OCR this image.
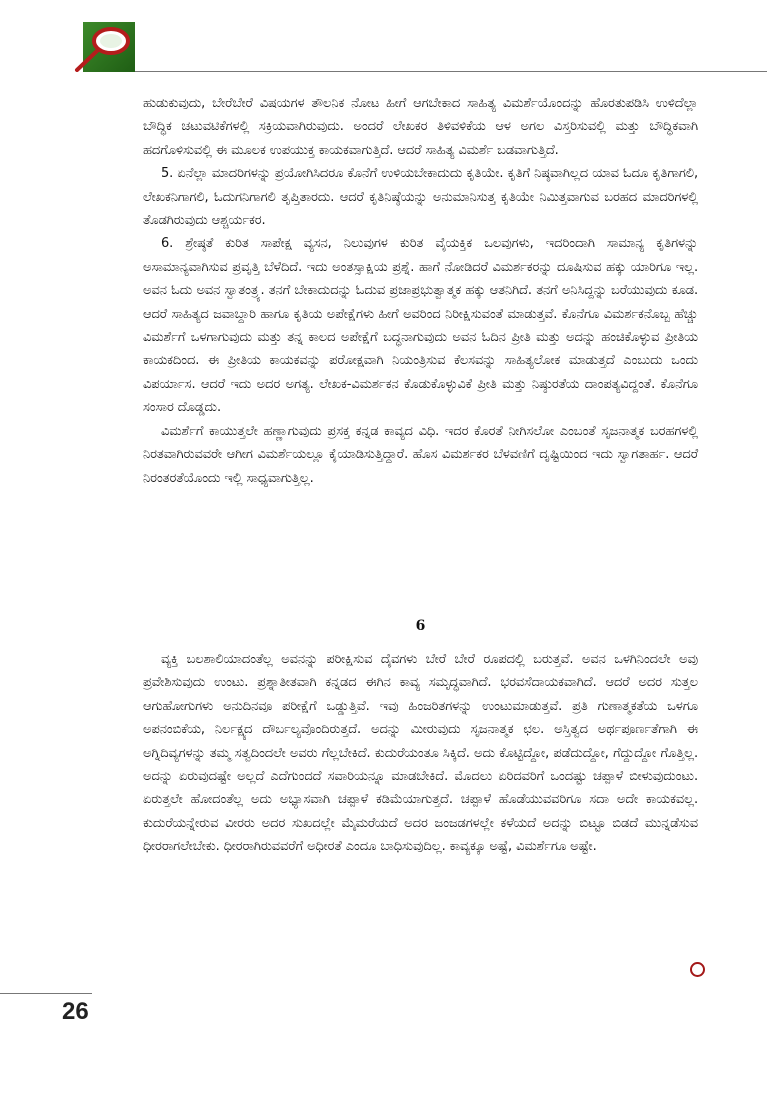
ಹುಡುಕುವುದು, ಬೇರೆಬೇರೆ ವಿಷಯಗಳ ತೌಲನಿಕ ನೋಟ ಹೀಗೆ ಆಗಬೇಕಾದ ಸಾಹಿತ್ಯ ವಿಮರ್ಶೆಯೊಂದನ್ನು ಹೊರತುಪಡಿಸಿ ಉಳಿದೆಲ್ಲಾ ಬೌದ್ಧಿಕ ಚಟುವಟಿಕೆಗಳಲ್ಲಿ ಸಕ್ರಿಯವಾಗಿರುವುದು. ಅಂದರೆ ಲೇಖಕರ ತಿಳಿವಳಿಕೆಯ ಆಳ ಅಗಲ ವಿಸ್ತರಿಸುವಲ್ಲಿ ಮತ್ತು ಬೌದ್ಧಿಕವಾಗಿ ಹದಗೊಳಿಸುವಲ್ಲಿ ಈ ಮೂಲಕ ಉಪಯುಕ್ತ ಕಾಯಕವಾಗುತ್ತಿದೆ. ಆದರೆ ಸಾಹಿತ್ಯ ವಿಮರ್ಶೆ ಬಡವಾಗುತ್ತಿದೆ.

5. ಏನೆಲ್ಲಾ ಮಾದರಿಗಳನ್ನು ಪ್ರಯೋಗಿಸಿದರೂ ಕೊನೆಗೆ ಉಳಿಯಬೇಕಾದುದು ಕೃತಿಯೇ. ಕೃತಿಗೆ ನಿಷ್ಠವಾಗಿಲ್ಲದ ಯಾವ ಓದೂ ಕೃತಿಗಾಗಲಿ, ಲೇಖಕನಿಗಾಗಲಿ, ಓದುಗನಿಗಾಗಲಿ ತೃಪ್ತಿತಾರದು. ಆದರೆ ಕೃತಿನಿಷ್ಠೆಯನ್ನು ಅನುಮಾನಿಸುತ್ತ ಕೃತಿಯೇ ನಿಮಿತ್ತವಾಗುವ ಬರಹದ ಮಾದರಿಗಳಲ್ಲಿ ತೊಡಗಿರುವುದು ಆಶ್ಚರ್ಯಕರ.

6. ಶ್ರೇಷ್ಠತೆ ಕುರಿತ ಸಾಪೇಕ್ಷ ವ್ಯಸನ, ನಿಲುವುಗಳ ಕುರಿತ ವೈಯಕ್ತಿಕ ಒಲವುಗಳು, ಇದರಿಂದಾಗಿ ಸಾಮಾನ್ಯ ಕೃತಿಗಳನ್ನು ಅಸಾಮಾನ್ಯವಾಗಿಸುವ ಪ್ರವೃತ್ತಿ ಬೆಳೆದಿದೆ. ಇದು ಅಂತಸ್ಸಾಕ್ಷಿಯ ಪ್ರಶ್ನೆ. ಹಾಗೆ ನೋಡಿದರೆ ವಿಮರ್ಶಕರನ್ನು ದೂಷಿಸುವ ಹಕ್ಕು ಯಾರಿಗೂ ಇಲ್ಲ. ಅವನ ಓದು ಅವನ ಸ್ವಾತಂತ್ರ್ಯ. ತನಗೆ ಬೇಕಾದುದನ್ನು ಓದುವ ಪ್ರಜಾಪ್ರಭುತ್ವಾತ್ಮಕ ಹಕ್ಕು ಆತನಿಗಿದೆ. ತನಗೆ ಅನಿಸಿದ್ದನ್ನು ಬರೆಯುವುದು ಕೂಡ. ಆದರೆ ಸಾಹಿತ್ಯದ ಜವಾಬ್ದಾರಿ ಹಾಗೂ ಕೃತಿಯ ಅಪೇಕ್ಷೆಗಳು ಹೀಗೆ ಅವರಿಂದ ನಿರೀಕ್ಷಿಸುವಂತೆ ಮಾಡುತ್ತವೆ. ಕೊನೆಗೂ ವಿಮರ್ಶಕನೊಬ್ಬ ಹೆಚ್ಚು ವಿಮರ್ಶೆಗೆ ಒಳಗಾಗುವುದು ಮತ್ತು ತನ್ನ ಕಾಲದ ಅಪೇಕ್ಷೆಗೆ ಬದ್ಧನಾಗುವುದು ಅವನ ಓದಿನ ಪ್ರೀತಿ ಮತ್ತು ಅದನ್ನು ಹಂಚಿಕೊಳ್ಳುವ ಪ್ರೀತಿಯ ಕಾಯಕದಿಂದ. ಈ ಪ್ರೀತಿಯ ಕಾಯಕವನ್ನು ಪರೋಕ್ಷವಾಗಿ ನಿಯಂತ್ರಿಸುವ ಕೆಲಸವನ್ನು ಸಾಹಿತ್ಯಲೋಕ ಮಾಡುತ್ತದೆ ಎಂಬುದು ಒಂದು ವಿಪರ್ಯಾಸ. ಆದರೆ ಇದು ಅದರ ಅಗತ್ಯ. ಲೇಖಕ-ವಿಮರ್ಶಕನ ಕೊಡುಕೊಳ್ಳುವಿಕೆ ಪ್ರೀತಿ ಮತ್ತು ನಿಷ್ಠುರತೆಯ ದಾಂಪತ್ಯವಿದ್ದಂತೆ. ಕೊನೆಗೂ ಸಂಸಾರ ದೊಡ್ಡದು.

ವಿಮರ್ಶೆಗೆ ಕಾಯುತ್ತಲೇ ಹಣ್ಣಾಗುವುದು ಪ್ರಸಕ್ತ ಕನ್ನಡ ಕಾವ್ಯದ ವಿಧಿ. ಇದರ ಕೊರತೆ ನೀಗಿಸಲೋ ಎಂಬಂತೆ ಸೃಜನಾತ್ಮಕ ಬರಹಗಳಲ್ಲಿ ನಿರತವಾಗಿರುವವರೇ ಆಗೀಗ ವಿಮರ್ಶೆಯಲ್ಲೂ ಕೈಯಾಡಿಸುತ್ತಿದ್ದಾರೆ. ಹೊಸ ವಿಮರ್ಶಕರ ಬೆಳವಣಿಗೆ ದೃಷ್ಟಿಯಿಂದ ಇದು ಸ್ವಾಗತಾರ್ಹ. ಆದರೆ ನಿರಂತರತೆಯೊಂದು ಇಲ್ಲಿ ಸಾಧ್ಯವಾಗುತ್ತಿಲ್ಲ.

6

ವ್ಯಕ್ತಿ ಬಲಶಾಲಿಯಾದಂತೆಲ್ಲ ಅವನನ್ನು ಪರೀಕ್ಷಿಸುವ ದೈವಗಳು ಬೇರೆ ಬೇರೆ ರೂಪದಲ್ಲಿ ಬರುತ್ತವೆ. ಅವನ ಒಳಗಿನಿಂದಲೇ ಅವು ಪ್ರವೇಶಿಸುವುದು ಉಂಟು. ಪ್ರಶ್ನಾತೀತವಾಗಿ ಕನ್ನಡದ ಈಗಿನ ಕಾವ್ಯ ಸಮೃದ್ಧವಾಗಿದೆ. ಭರವಸೆದಾಯಕವಾಗಿದೆ. ಆದರೆ ಅದರ ಸುತ್ತಲ ಆಗುಹೋಗುಗಳು ಅನುದಿನವೂ ಪರೀಕ್ಷೆಗೆ ಒಡ್ಡುತ್ತಿವೆ. ಇವು ಹಿಂಜರಿತಗಳನ್ನು ಉಂಟುಮಾಡುತ್ತವೆ. ಪ್ರತಿ ಗುಣಾತ್ಮಕತೆಯ ಒಳಗೂ ಅಪನಂಬಿಕೆಯ, ನಿರ್ಲಕ್ಷ್ಯದ ದೌರ್ಬಲ್ಯವೊಂದಿರುತ್ತದೆ. ಅದನ್ನು ಮೀರುವುದು ಸೃಜನಾತ್ಮಕ ಛಲ. ಅಸ್ತಿತ್ವದ ಅರ್ಥಪೂರ್ಣತೆಗಾಗಿ ಈ ಅಗ್ನಿದಿವ್ಯಗಳನ್ನು ತಮ್ಮ ಸತ್ವದಿಂದಲೇ ಅವರು ಗೆಲ್ಲಬೇಕಿದೆ. ಕುದುರೆಯಂತೂ ಸಿಕ್ಕಿದೆ. ಅದು ಕೊಟ್ಟಿದ್ದೋ, ಪಡೆದುದ್ದೋ, ಗೆದ್ದುದ್ದೋ ಗೊತ್ತಿಲ್ಲ. ಅದನ್ನು ಏರುವುದಷ್ಟೇ ಅಲ್ಲದೆ ಎದೆಗುಂದದೆ ಸವಾರಿಯನ್ನೂ ಮಾಡಬೇಕಿದೆ. ಮೊದಲು ಏರಿದವರಿಗೆ ಒಂದಷ್ಟು ಚಪ್ಪಾಳೆ ಬೀಳುವುದುಂಟು. ಏರುತ್ತಲೇ ಹೋದಂತೆಲ್ಲ ಅದು ಅಭ್ಯಾಸವಾಗಿ ಚಪ್ಪಾಳೆ ಕಡಿಮೆಯಾಗುತ್ತದೆ. ಚಪ್ಪಾಳೆ ಹೊಡೆಯುವವರಿಗೂ ಸದಾ ಅದೇ ಕಾಯಕವಲ್ಲ. ಕುದುರೆಯನ್ನೇರುವ ವೀರರು ಅದರ ಸುಖದಲ್ಲೇ ಮೈಮರೆಯದೆ ಅದರ ಜಂಜಡಗಳಲ್ಲೇ ಕಳೆಯದೆ ಅದನ್ನು ಬಿಟ್ಟೂ ಬಿಡದೆ ಮುನ್ನಡೆಸುವ ಧೀರರಾಗಲೇಬೇಕು. ಧೀರರಾಗಿರುವವರೆಗೆ ಅಧೀರತೆ ಎಂದೂ ಬಾಧಿಸುವುದಿಲ್ಲ. ಕಾವ್ಯಕ್ಕೂ ಅಷ್ಟೆ, ವಿಮರ್ಶೆಗೂ ಅಷ್ಟೇ.

26
